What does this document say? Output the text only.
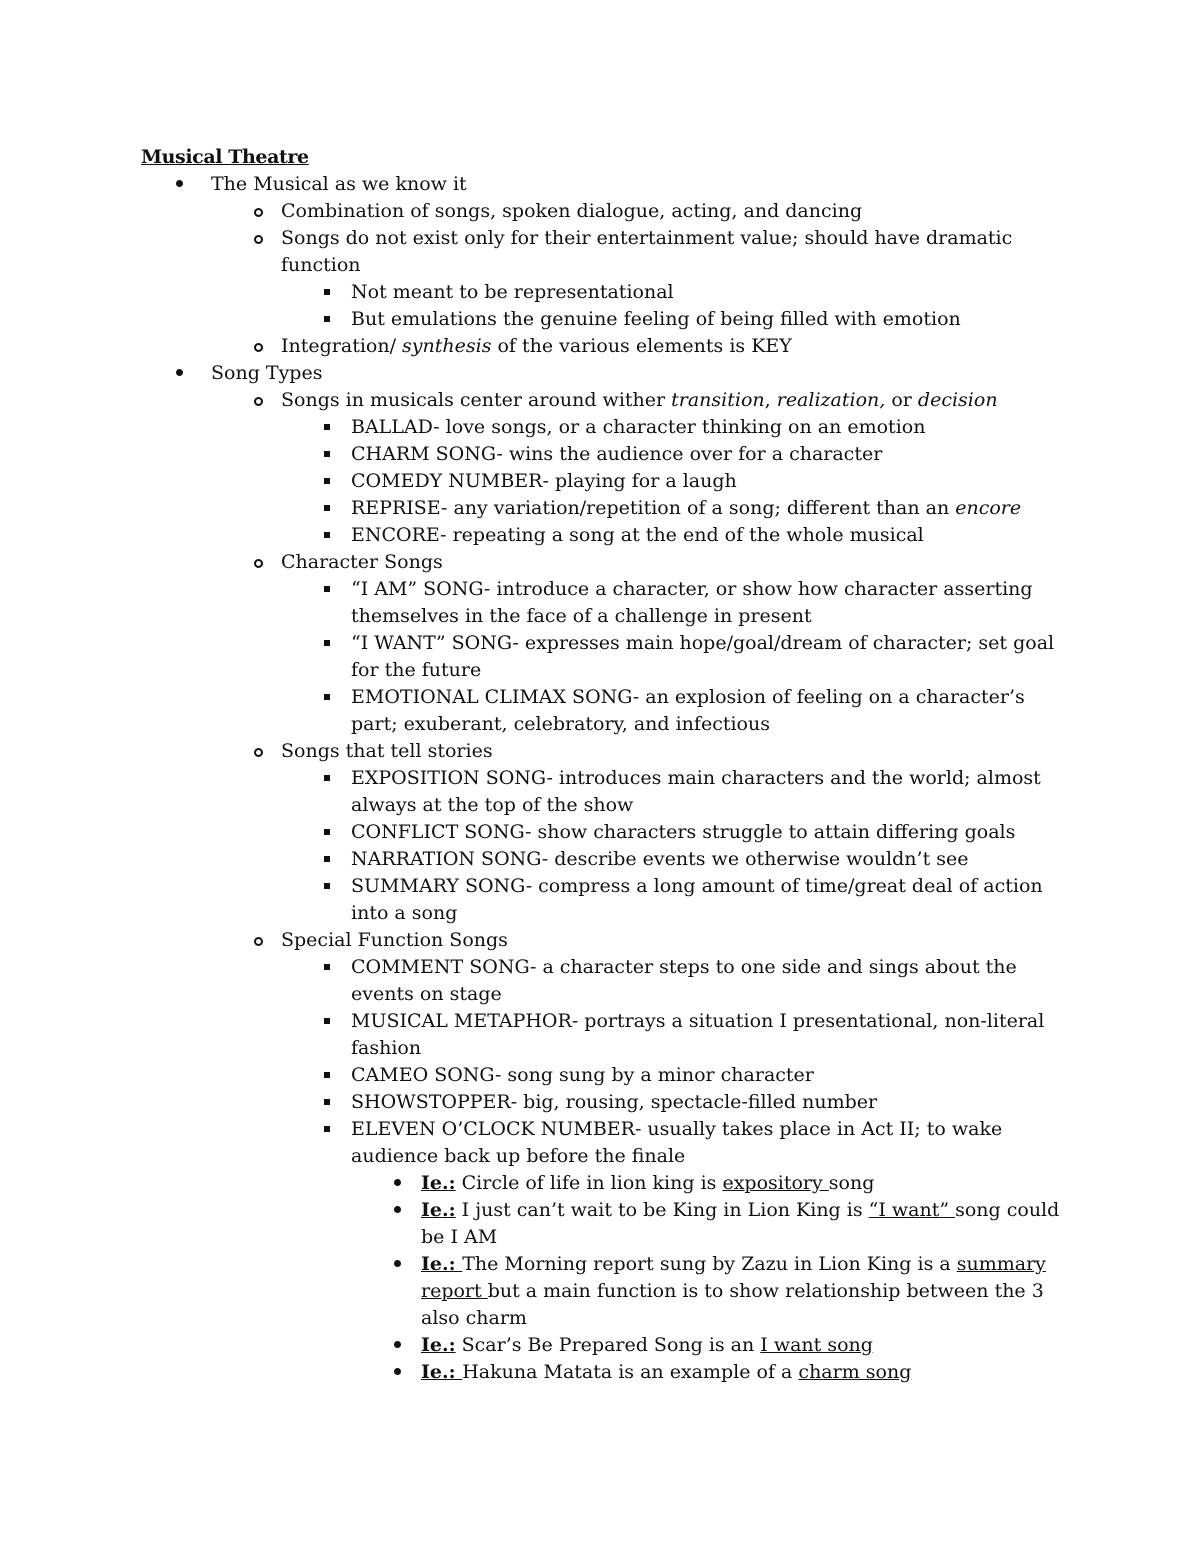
Musical Theatre
The Musical as we know it
Combination of songs, spoken dialogue, acting, and dancing
Songs do not exist only for their entertainment value; should have dramatic function
Not meant to be representational
But emulations the genuine feeling of being filled with emotion
Integration/ synthesis of the various elements is KEY
Song Types
Songs in musicals center around wither transition, realization, or decision
BALLAD- love songs, or a character thinking on an emotion
CHARM SONG- wins the audience over for a character
COMEDY NUMBER- playing for a laugh
REPRISE- any variation/repetition of a song; different than an encore
ENCORE- repeating a song at the end of the whole musical
Character Songs
“I AM” SONG- introduce a character, or show how character asserting themselves in the face of a challenge in present
“I WANT” SONG- expresses main hope/goal/dream of character; set goal for the future
EMOTIONAL CLIMAX SONG- an explosion of feeling on a character’s part; exuberant, celebratory, and infectious
Songs that tell stories
EXPOSITION SONG- introduces main characters and the world; almost always at the top of the show
CONFLICT SONG- show characters struggle to attain differing goals
NARRATION SONG- describe events we otherwise wouldn’t see
SUMMARY SONG- compress a long amount of time/great deal of action into a song
Special Function Songs
COMMENT SONG- a character steps to one side and sings about the events on stage
MUSICAL METAPHOR- portrays a situation I presentational, non-literal fashion
CAMEO SONG- song sung by a minor character
SHOWSTOPPER- big, rousing, spectacle-filled number
ELEVEN O’CLOCK NUMBER- usually takes place in Act II; to wake audience back up before the finale
Ie.: Circle of life in lion king is expository song
Ie.: I just can’t wait to be King in Lion King is “I want” song could be I AM
Ie.: The Morning report sung by Zazu in Lion King is a summary report but a main function is to show relationship between the 3 also charm
Ie.: Scar’s Be Prepared Song is an I want song
Ie.: Hakuna Matata is an example of a charm song
